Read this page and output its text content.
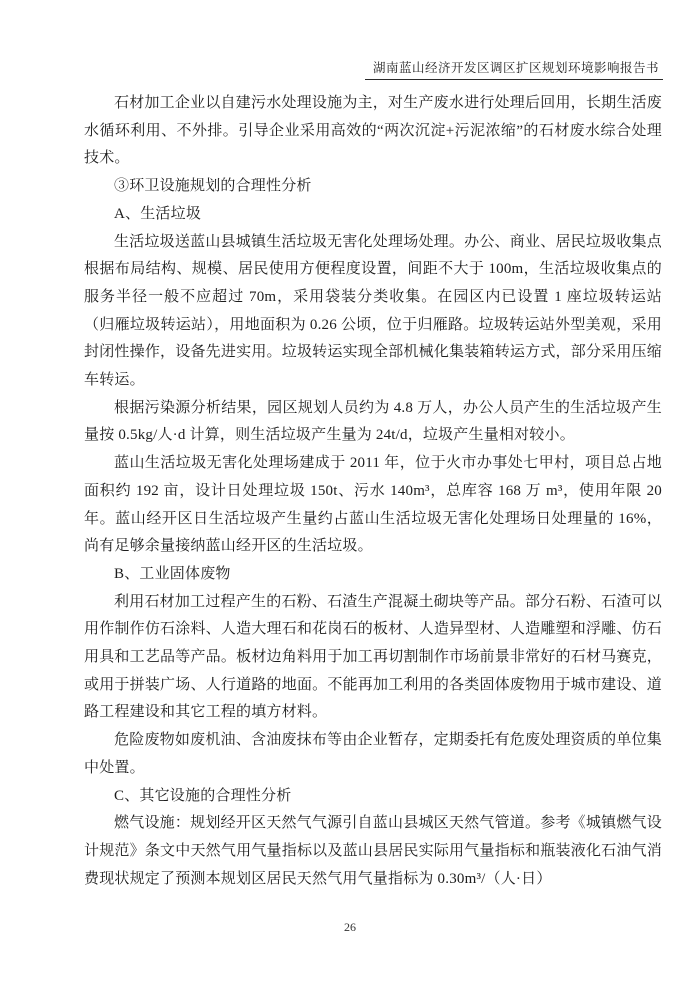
湖南蓝山经济开发区调区扩区规划环境影响报告书

石材加工企业以自建污水处理设施为主，对生产废水进行处理后回用，长期生活废水循环利用、不外排。引导企业采用高效的“两次沉淀+污泥浓缩”的石材废水综合处理技术。

③环卫设施规划的合理性分析

A、生活垃圾

生活垃圾送蓝山县城镇生活垃圾无害化处理场处理。办公、商业、居民垃圾收集点根据布局结构、规模、居民使用方便程度设置，间距不大于 100m，生活垃圾收集点的服务半径一般不应超过 70m，采用袋装分类收集。在园区内已设置 1 座垃圾转运站（归雁垃圾转运站），用地面积为 0.26 公顷，位于归雁路。垃圾转运站外型美观，采用封闭性操作，设备先进实用。垃圾转运实现全部机械化集装箱转运方式，部分采用压缩车转运。

根据污染源分析结果，园区规划人员约为 4.8 万人，办公人员产生的生活垃圾产生量按 0.5kg/人·d 计算，则生活垃圾产生量为 24t/d，垃圾产生量相对较小。

蓝山生活垃圾无害化处理场建成于 2011 年，位于火市办事处七甲村，项目总占地面积约 192 亩，设计日处理垃圾 150t、污水 140m³，总库容 168 万 m³，使用年限 20 年。蓝山经开区日生活垃圾产生量约占蓝山生活垃圾无害化处理场日处理量的 16%，尚有足够余量接纳蓝山经开区的生活垃圾。

B、工业固体废物

利用石材加工过程产生的石粉、石渣生产混凝土砌块等产品。部分石粉、石渣可以用作制作仿石涂料、人造大理石和花岗石的板材、人造异型材、人造雕塑和浮雕、仿石用具和工艺品等产品。板材边角料用于加工再切割制作市场前景非常好的石材马赛克，或用于拼装广场、人行道路的地面。不能再加工利用的各类固体废物用于城市建设、道路工程建设和其它工程的填方材料。

危险废物如废机油、含油废抹布等由企业暂存，定期委托有危废处理资质的单位集中处置。

C、其它设施的合理性分析

燃气设施：规划经开区天然气气源引自蓝山县城区天然气管道。参考《城镇燃气设计规范》条文中天然气用气量指标以及蓝山县居民实际用气量指标和瓶装液化石油气消费现状规定了预测本规划区居民天然气用气量指标为 0.30m³/（人·日）

26
